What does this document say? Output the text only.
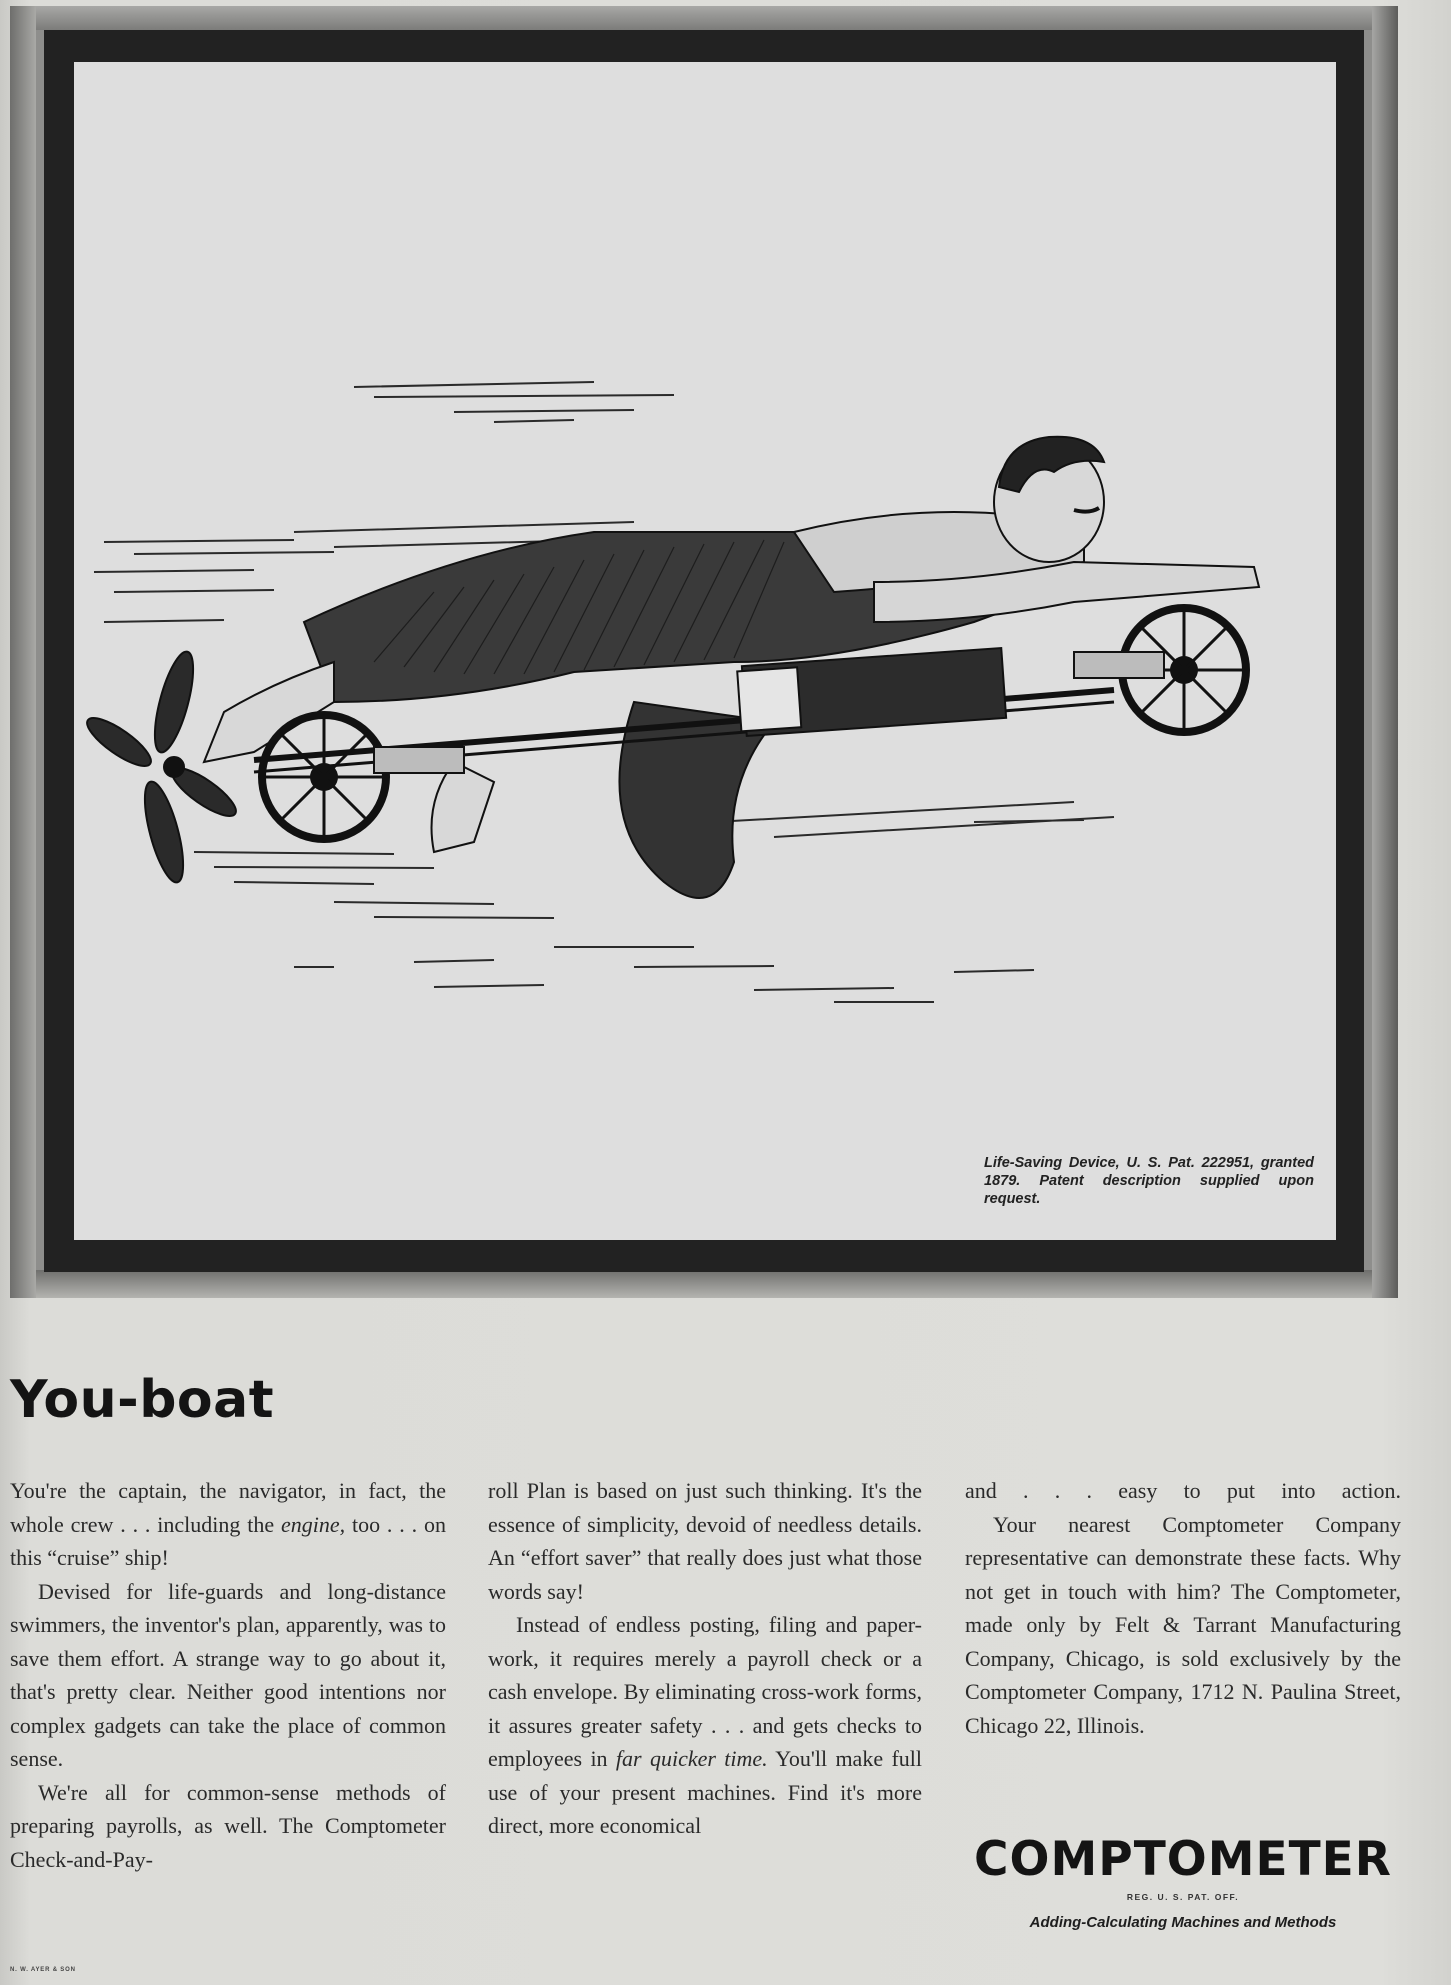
Life-Saving Device, U. S. Pat. 222951, granted 1879. Patent description supplied upon request.
You-boat

You're the captain, the navigator, in fact, the whole crew . . . including the engine, too . . . on this “cruise” ship!

Devised for life-guards and long-distance swimmers, the inventor's plan, apparently, was to save them effort. A strange way to go about it, that's pretty clear. Neither good intentions nor complex gadgets can take the place of common sense.

We're all for common-sense methods of preparing payrolls, as well. The Comptometer Check-and-Pay-

roll Plan is based on just such thinking. It's the essence of simplicity, devoid of needless details. An “effort saver” that really does just what those words say!

Instead of endless posting, filing and paper-work, it requires merely a payroll check or a cash envelope. By eliminating cross-work forms, it assures greater safety . . . and gets checks to employees in far quicker time. You'll make full use of your present machines. Find it's more direct, more economical

and . . . easy to put into action.

Your nearest Comptometer Company representative can demonstrate these facts. Why not get in touch with him? The Comptometer, made only by Felt & Tarrant Manufacturing Company, Chicago, is sold exclusively by the Comptometer Company, 1712 N. Paulina Street, Chicago 22, Illinois.

COMPTOMETER
REG. U. S. PAT. OFF.
Adding-Calculating Machines and Methods
N. W. AYER & SON
